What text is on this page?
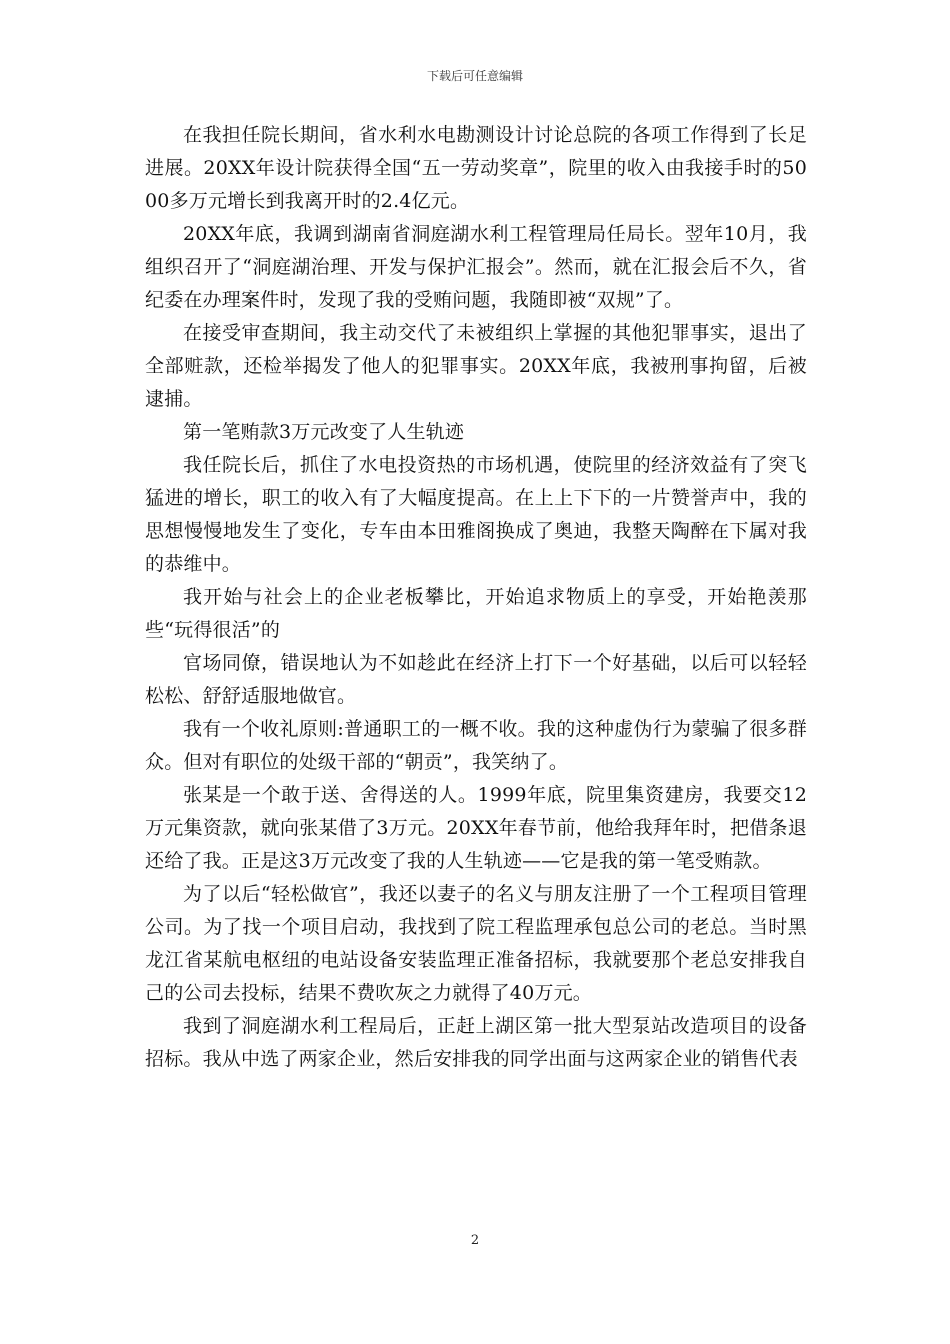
下载后可任意编辑

在我担任院长期间，省水利水电勘测设计讨论总院的各项工作得到了长足进展。20XX年设计院获得全国“五一劳动奖章”，院里的收入由我接手时的5000多万元增长到我离开时的2.4亿元。

20XX年底，我调到湖南省洞庭湖水利工程管理局任局长。翌年10月，我组织召开了“洞庭湖治理、开发与保护汇报会”。然而，就在汇报会后不久，省纪委在办理案件时，发现了我的受贿问题，我随即被“双规”了。

在接受审查期间，我主动交代了未被组织上掌握的其他犯罪事实，退出了全部赃款，还检举揭发了他人的犯罪事实。20XX年底，我被刑事拘留，后被逮捕。

第一笔贿款3万元改变了人生轨迹

我任院长后，抓住了水电投资热的市场机遇，使院里的经济效益有了突飞猛进的增长，职工的收入有了大幅度提高。在上上下下的一片赞誉声中，我的思想慢慢地发生了变化，专车由本田雅阁换成了奥迪，我整天陶醉在下属对我的恭维中。

我开始与社会上的企业老板攀比，开始追求物质上的享受，开始艳羡那些“玩得很活”的

官场同僚，错误地认为不如趁此在经济上打下一个好基础，以后可以轻轻松松、舒舒适服地做官。

我有一个收礼原则:普通职工的一概不收。我的这种虚伪行为蒙骗了很多群众。但对有职位的处级干部的“朝贡”，我笑纳了。

张某是一个敢于送、舍得送的人。1999年底，院里集资建房，我要交12万元集资款，就向张某借了3万元。20XX年春节前，他给我拜年时，把借条退还给了我。正是这3万元改变了我的人生轨迹——它是我的第一笔受贿款。

为了以后“轻松做官”，我还以妻子的名义与朋友注册了一个工程项目管理公司。为了找一个项目启动，我找到了院工程监理承包总公司的老总。当时黑龙江省某航电枢纽的电站设备安装监理正准备招标，我就要那个老总安排我自己的公司去投标，结果不费吹灰之力就得了40万元。

我到了洞庭湖水利工程局后，正赶上湖区第一批大型泵站改造项目的设备招标。我从中选了两家企业，然后安排我的同学出面与这两家企业的销售代表

2
